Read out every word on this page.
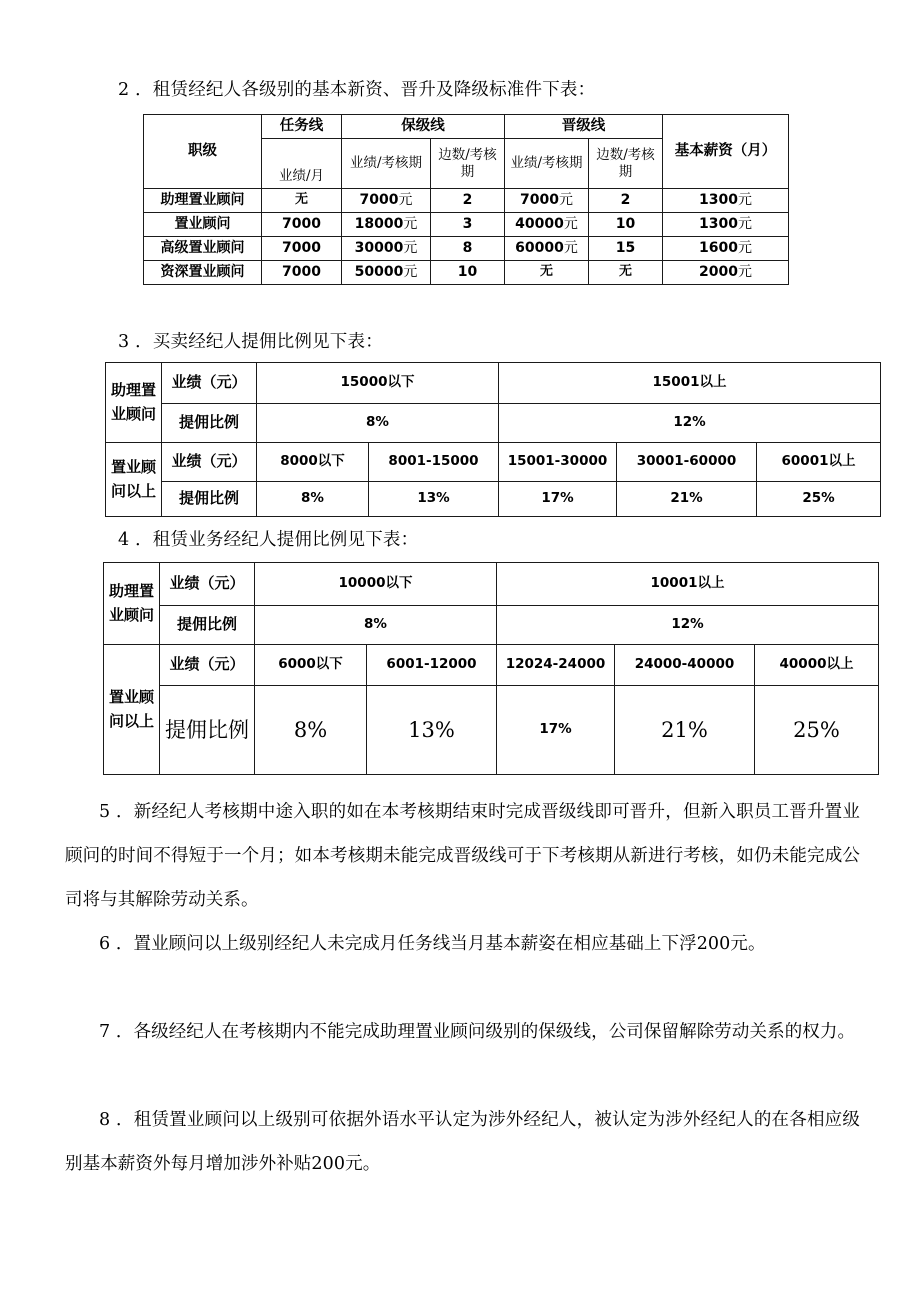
2 ．租赁经纪人各级别的基本新资、晋升及降级标准件下表：
职级	任务线	保级线		晋级线		基本薪资（月）
	业绩/月	业绩/考核期	边数/考核期	业绩/考核期	边数/考核期	
助理置业顾问	无	7000元	2	7000元	2	1300元
置业顾问	7000	18000元	3	40000元	10	1300元
高级置业顾问	7000	30000元	8	60000元	15	1600元
资深置业顾问	7000	50000元	10	无	无	2000元
3 ．买卖经纪人提佣比例见下表：
助理置业顾问	业绩（元）	15000以下		15001以上		
	提佣比例	8%		12%		
置业顾问以上	业绩（元）	8000以下	8001-15000	15001-30000	30001-60000	60001以上
	提佣比例	8%	13%	17%	21%	25%
4 ．租赁业务经纪人提佣比例见下表：
助理置业顾问	业绩（元）	10000以下		10001以上		
	提佣比例	8%		12%		
置业顾问以上	业绩（元）	6000以下	6001-12000	12024-24000	24000-40000	40000以上
	提佣比例	8%	13%	17%	21%	25%
5 ．新经纪人考核期中途入职的如在本考核期结束时完成晋级线即可晋升，但新入职员工晋升置业顾问的时间不得短于一个月；如本考核期未能完成晋级线可于下考核期从新进行考核，如仍未能完成公司将与其解除劳动关系。
6 ．置业顾问以上级别经纪人未完成月任务线当月基本薪姿在相应基础上下浮200元。
7 ．各级经纪人在考核期内不能完成助理置业顾问级别的保级线，公司保留解除劳动关系的权力。
8 ．租赁置业顾问以上级别可依据外语水平认定为涉外经纪人，被认定为涉外经纪人的在各相应级别基本薪资外每月增加涉外补贴200元。
